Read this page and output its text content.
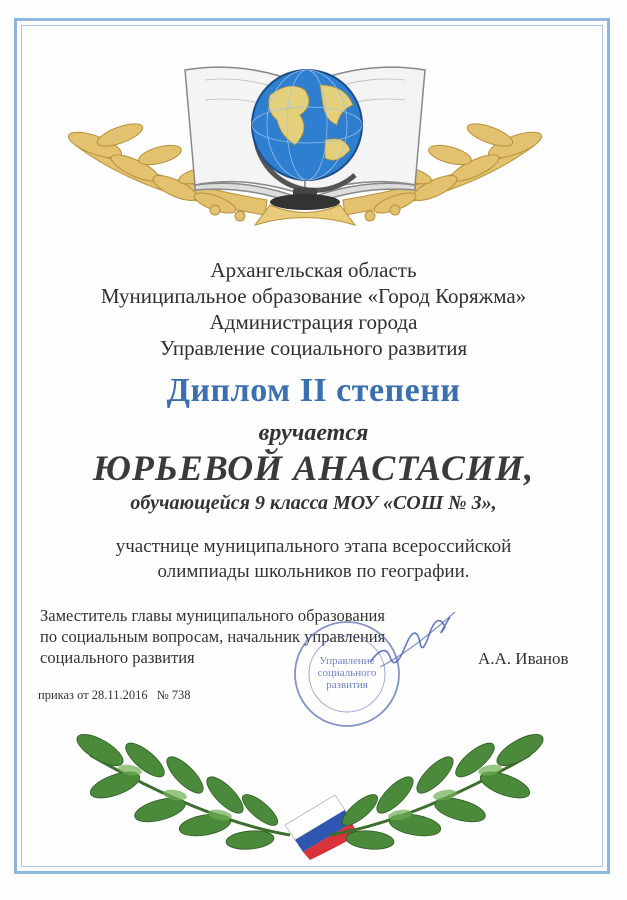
Архангельская область
Муниципальное образование «Город Коряжма»
Администрация города
Управление социального развития
Диплом II степени
вручается
ЮРЬЕВОЙ АНАСТАСИИ,
обучающейся 9 класса МОУ «СОШ № 3»,
участнице муниципального этапа всероссийской
олимпиады школьников по географии.
Заместитель главы муниципального образования
по социальным вопросам, начальник управления
социального развития	Управление
социального
развития
А.А. Иванов
приказ от 28.11.2016 № 738
